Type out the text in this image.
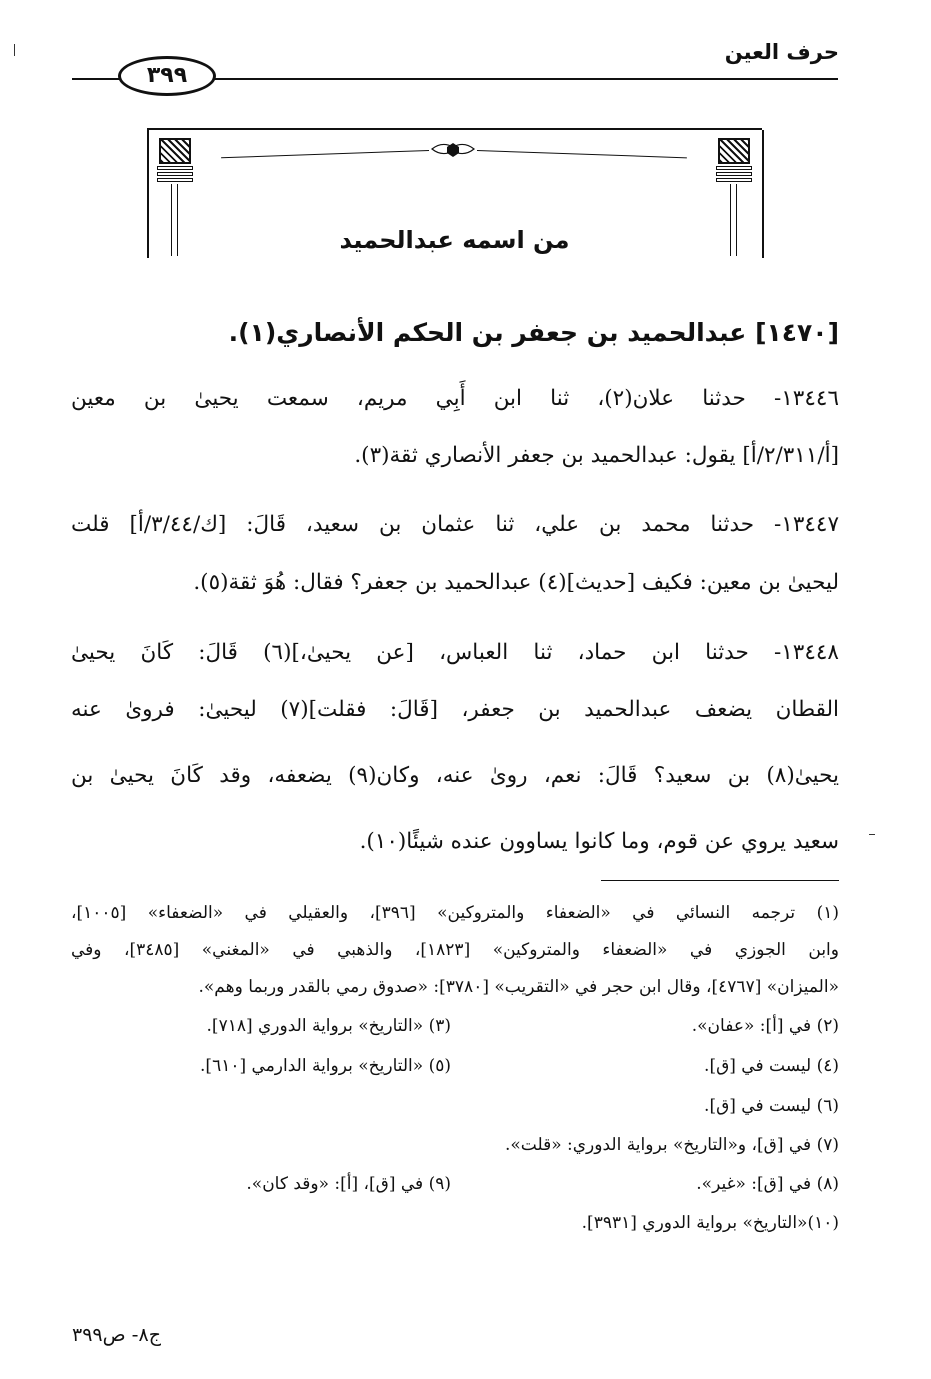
حرف العين
٣٩٩
من اسمه عبدالحميد
[١٤٧٠] عبدالحميد بن جعفر بن الحكم الأنصاري(١).
١٣٤٤٦- حدثنا علان(٢)، ثنا ابن أَبِي مريم، سمعت يحيىٰ بن معين
[أ/٢/٣١١/أ] يقول: عبدالحميد بن جعفر الأنصاري ثقة(٣).
١٣٤٤٧- حدثنا محمد بن علي، ثنا عثمان بن سعيد، قَالَ: [ك/٣/٤٤/أ] قلت
ليحيىٰ بن معين: فكيف [حديث](٤) عبدالحميد بن جعفر؟ فقال: هُوَ ثقة(٥).
١٣٤٤٨- حدثنا ابن حماد، ثنا العباس، [عن يحيىٰ،](٦) قَالَ: كَانَ يحيىٰ
القطان يضعف عبدالحميد بن جعفر، [قَالَ: فقلت](٧) ليحيىٰ: فروىٰ عنه
يحيىٰ(٨) بن سعيد؟ قَالَ: نعم، روىٰ عنه، وكان(٩) يضعفه، وقد كَانَ يحيىٰ بن
سعيد يروي عن قوم، وما كانوا يساوون عنده شيئًا(١٠).
(١) ترجمه النسائي في «الضعفاء والمتروكين» [٣٩٦]، والعقيلي في «الضعفاء» [١٠٠٥]،
وابن الجوزي في «الضعفاء والمتروكين» [١٨٢٣]، والذهبي في «المغني» [٣٤٨٥]، وفي
«الميزان» [٤٧٦٧]، وقال ابن حجر في «التقريب» [٣٧٨٠]: «صدوق رمي بالقدر وربما وهم».
(٢) في [أ]: «عفان».
(٣) «التاريخ» برواية الدوري [٧١٨].
(٤) ليست في [ق].
(٥) «التاريخ» برواية الدارمي [٦١٠].
(٦) ليست في [ق].
(٧) في [ق]، و«التاريخ» برواية الدوري: «قلت».
(٨) في [ق]: «غير».
(٩) في [ق]، [أ]: «وقد كان».
(١٠)«التاريخ» برواية الدوري [٣٩٣١].
ج٨- ص٣٩٩
